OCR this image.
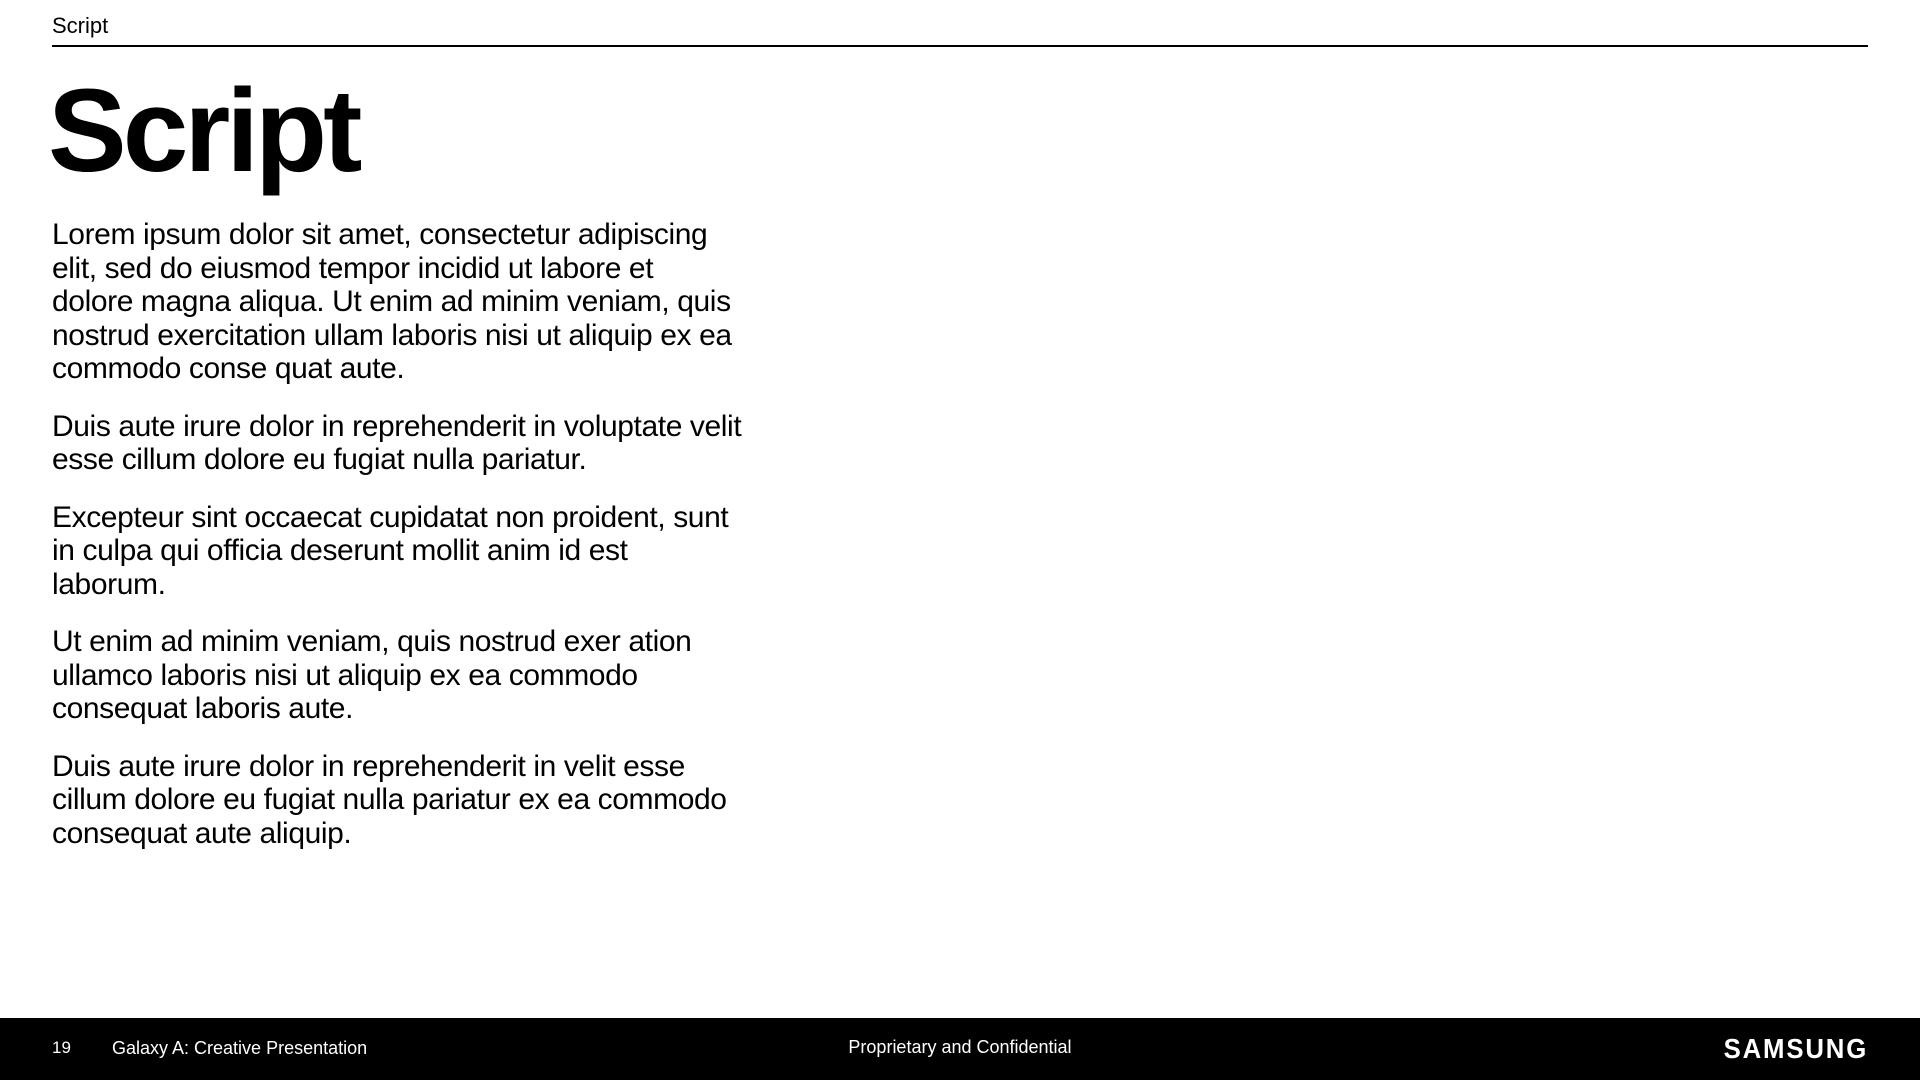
Script
Script

Lorem ipsum dolor sit amet, consectetur adipiscing elit, sed do eiusmod tempor incidid ut labore et dolore magna aliqua. Ut enim ad minim veniam, quis nostrud exercitation ullam laboris nisi ut aliquip ex ea commodo conse quat aute.

Duis aute irure dolor in reprehenderit in voluptate velit esse cillum dolore eu fugiat nulla pariatur.

Excepteur sint occaecat cupidatat non proident, sunt in culpa qui officia deserunt mollit anim id est laborum.

Ut enim ad minim veniam, quis nostrud exer ation ullamco laboris nisi ut aliquip ex ea commodo consequat laboris aute.

Duis aute irure dolor in reprehenderit in velit esse cillum dolore eu fugiat nulla pariatur ex ea commodo consequat aute aliquip.

19 Galaxy A: Creative Presentation	Proprietary and Confidential	SAMSUNG
